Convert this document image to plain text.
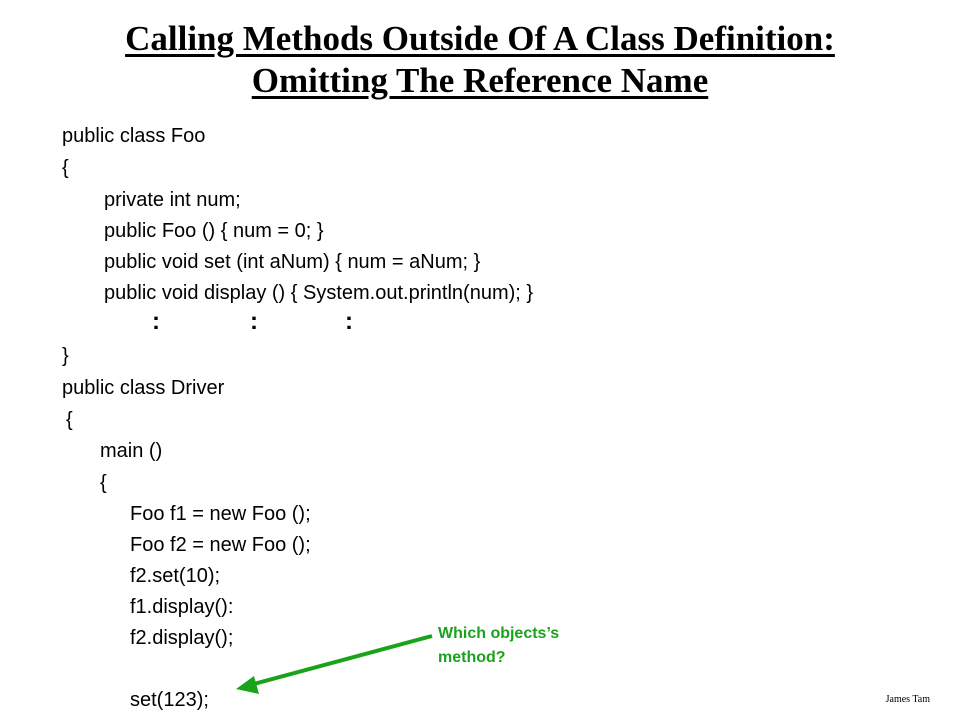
Calling Methods Outside Of A Class Definition:
Omitting The Reference Name
public class Foo
{
private int num;
public Foo () { num = 0; }
public void set (int aNum) { num = aNum; }
public void display () { System.out.println(num); }
:	:	:
}
public class Driver
{
main ()
{
Foo f1 = new Foo ();
Foo f2 = new Foo ();
f2.set(10);
f1.display():
f2.display();
set(123);
Which objects’s
method?
James Tam
